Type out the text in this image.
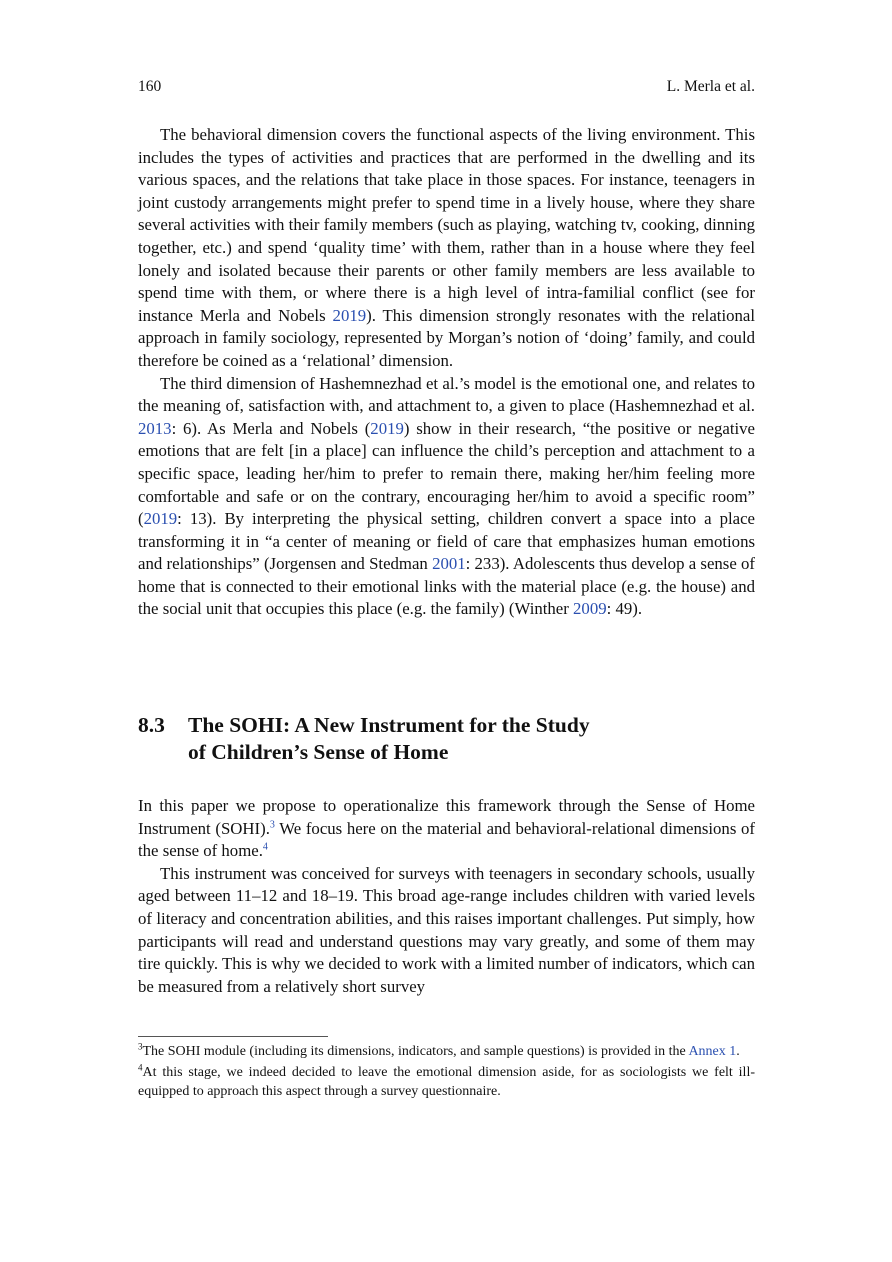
160	L. Merla et al.

The behavioral dimension covers the functional aspects of the living environment. This includes the types of activities and practices that are performed in the dwelling and its various spaces, and the relations that take place in those spaces. For instance, teenagers in joint custody arrangements might prefer to spend time in a lively house, where they share several activities with their family members (such as playing, watching tv, cooking, dinning together, etc.) and spend ‘quality time’ with them, rather than in a house where they feel lonely and isolated because their parents or other family members are less available to spend time with them, or where there is a high level of intra-familial conflict (see for instance Merla and Nobels 2019). This dimension strongly resonates with the relational approach in family sociology, represented by Morgan’s notion of ‘doing’ family, and could therefore be coined as a ‘relational’ dimension.

The third dimension of Hashemnezhad et al.’s model is the emotional one, and relates to the meaning of, satisfaction with, and attachment to, a given to place (Hashemnezhad et al. 2013: 6). As Merla and Nobels (2019) show in their research, “the positive or negative emotions that are felt [in a place] can influence the child’s perception and attachment to a specific space, leading her/him to prefer to remain there, making her/him feeling more comfortable and safe or on the contrary, encouraging her/him to avoid a specific room” (2019: 13). By interpreting the physical setting, children convert a space into a place transforming it in “a center of meaning or field of care that emphasizes human emotions and relationships” (Jorgensen and Stedman 2001: 233). Adolescents thus develop a sense of home that is connected to their emotional links with the material place (e.g. the house) and the social unit that occupies this place (e.g. the family) (Winther 2009: 49).

8.3	The SOHI: A New Instrument for the Study
of Children’s Sense of Home

In this paper we propose to operationalize this framework through the Sense of Home Instrument (SOHI).$^3$ We focus here on the material and behavioral-relational dimensions of the sense of home.$^4$

This instrument was conceived for surveys with teenagers in secondary schools, usually aged between 11–12 and 18–19. This broad age-range includes children with varied levels of literacy and concentration abilities, and this raises important challenges. Put simply, how participants will read and understand questions may vary greatly, and some of them may tire quickly. This is why we decided to work with a limited number of indicators, which can be measured from a relatively short survey

$^3$The SOHI module (including its dimensions, indicators, and sample questions) is provided in the Annex 1.

$^4$At this stage, we indeed decided to leave the emotional dimension aside, for as sociologists we felt ill-equipped to approach this aspect through a survey questionnaire.
